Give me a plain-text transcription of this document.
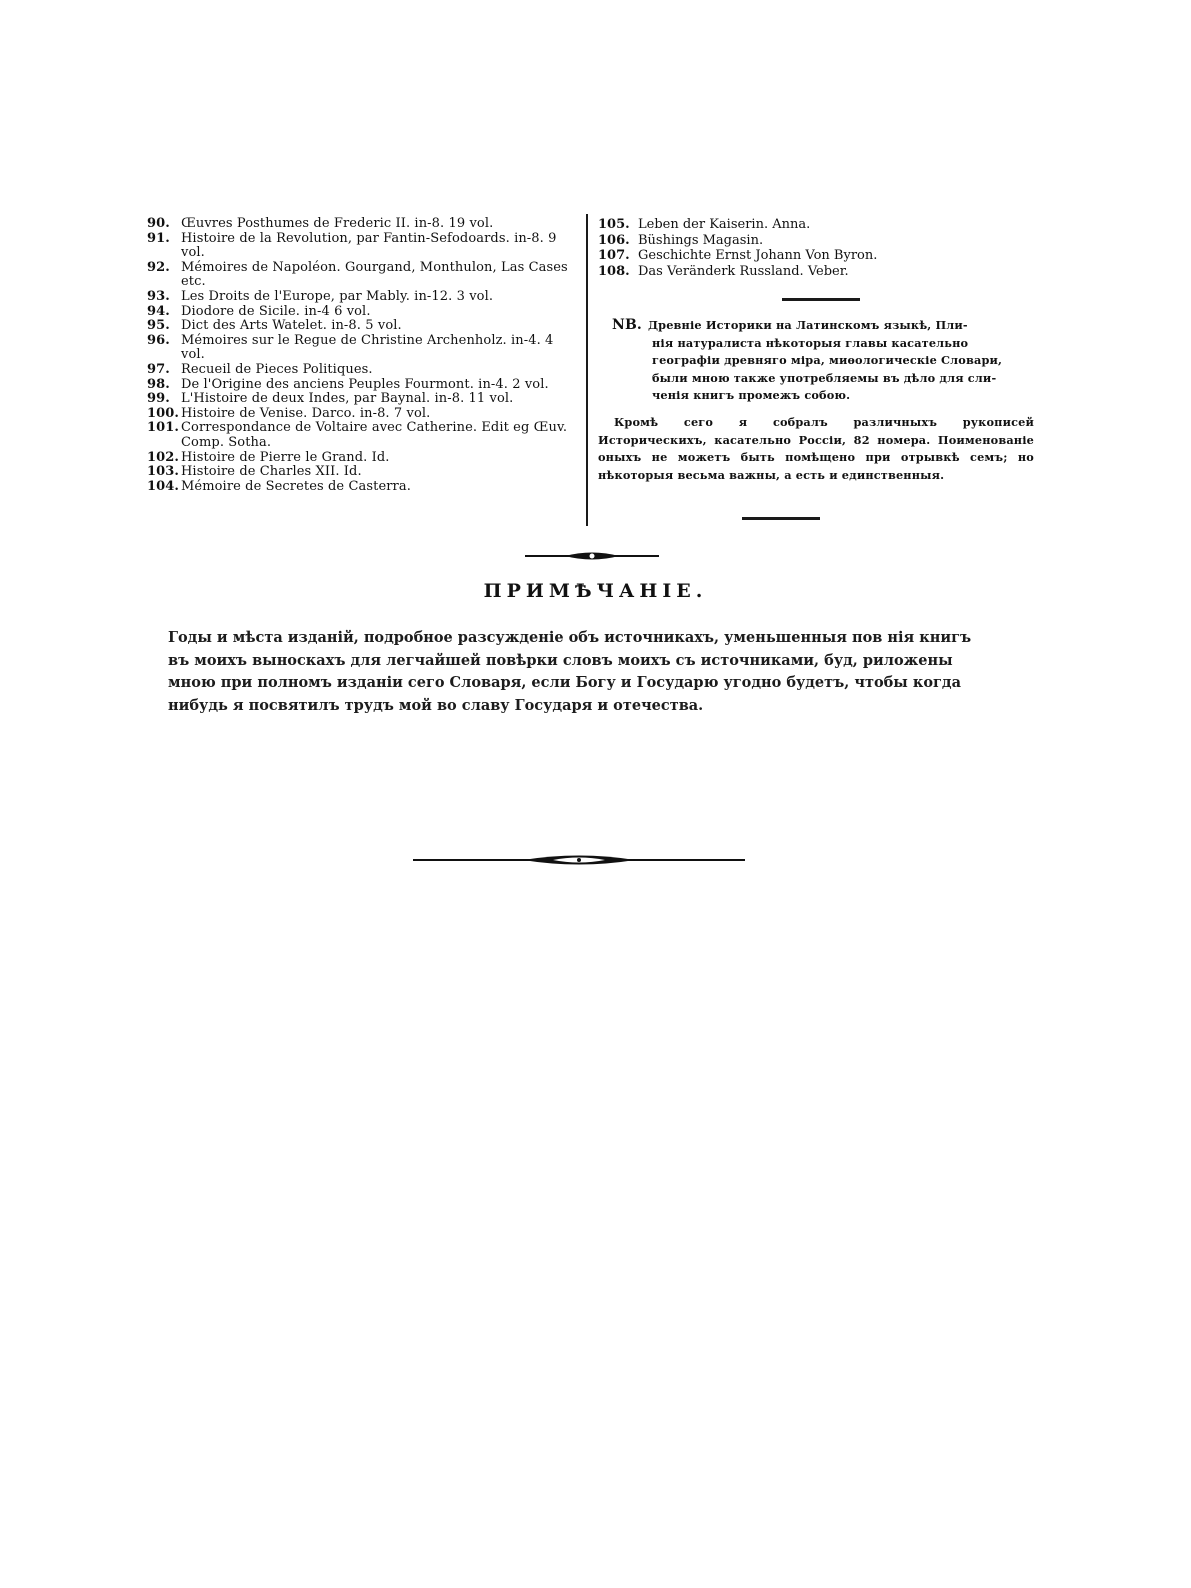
90. Œuvres Posthumes de Frederic II. in-8. 19 vol.
91. Histoire de la Revolution, par Fantin-Sefodoards. in-8. 9 vol.
92. Mémoires de Napoléon. Gourgand, Monthulon, Las Cases etc.
93. Les Droits de l'Europe, par Mably. in-12. 3 vol.
94. Diodore de Sicile. in-4 6 vol.
95. Dict des Arts Watelet. in-8. 5 vol.
96. Mémoires sur le Regue de Christine Archenholz. in-4. 4 vol.
97. Recueil de Pieces Politiques.
98. De l'Origine des anciens Peuples Fourmont. in-4. 2 vol.
99. L'Histoire de deux Indes, par Baynal. in-8. 11 vol.
100. Histoire de Venise. Darco. in-8. 7 vol.
101. Correspondance de Voltaire avec Catherine. Edit eg Œuv. Comp. Sotha.
102. Histoire de Pierre le Grand. Id.
103. Histoire de Charles XII. Id.
104. Mémoire de Secretes de Casterra.
105. Leben der Kaiserin. Anna.
106. Büshings Magasin.
107. Geschichte Ernst Johann Von Byron.
108. Das Veränderk Russland. Veber.
NB. Древніе Историки на Латинскомъ языкѣ, Пли-
нія натуралиста нѣкоторыя главы касательно
географіи древняго міра, миѳологическіе Словари,
были мною также употребляемы въ дѣло для сли-
ченія книгъ промежъ собою.
Кромѣ сего я собралъ различныхъ рукописей Истoрическихъ, касательно Россіи, 82 номера. Поименованіе оныхъ не можетъ быть помѣщено при отрывкѣ семъ; но нѣкоторыя весьма важны, а есть и единственныя.
ПРИМѢЧАНІЕ.
Годы и мѣста изданій, подробное разсужденіе объ источникахъ, уменьшенныя пов нія книгъ
въ моихъ выноскахъ для легчайшей повѣрки словъ моихъ съ источниками, буд, риложены
мною при полномъ изданіи сего Словаря, если Богу и Государю угодно будетъ, чтобы когда
нибудь я посвятилъ трудъ мой во славу Государя и отечества.
